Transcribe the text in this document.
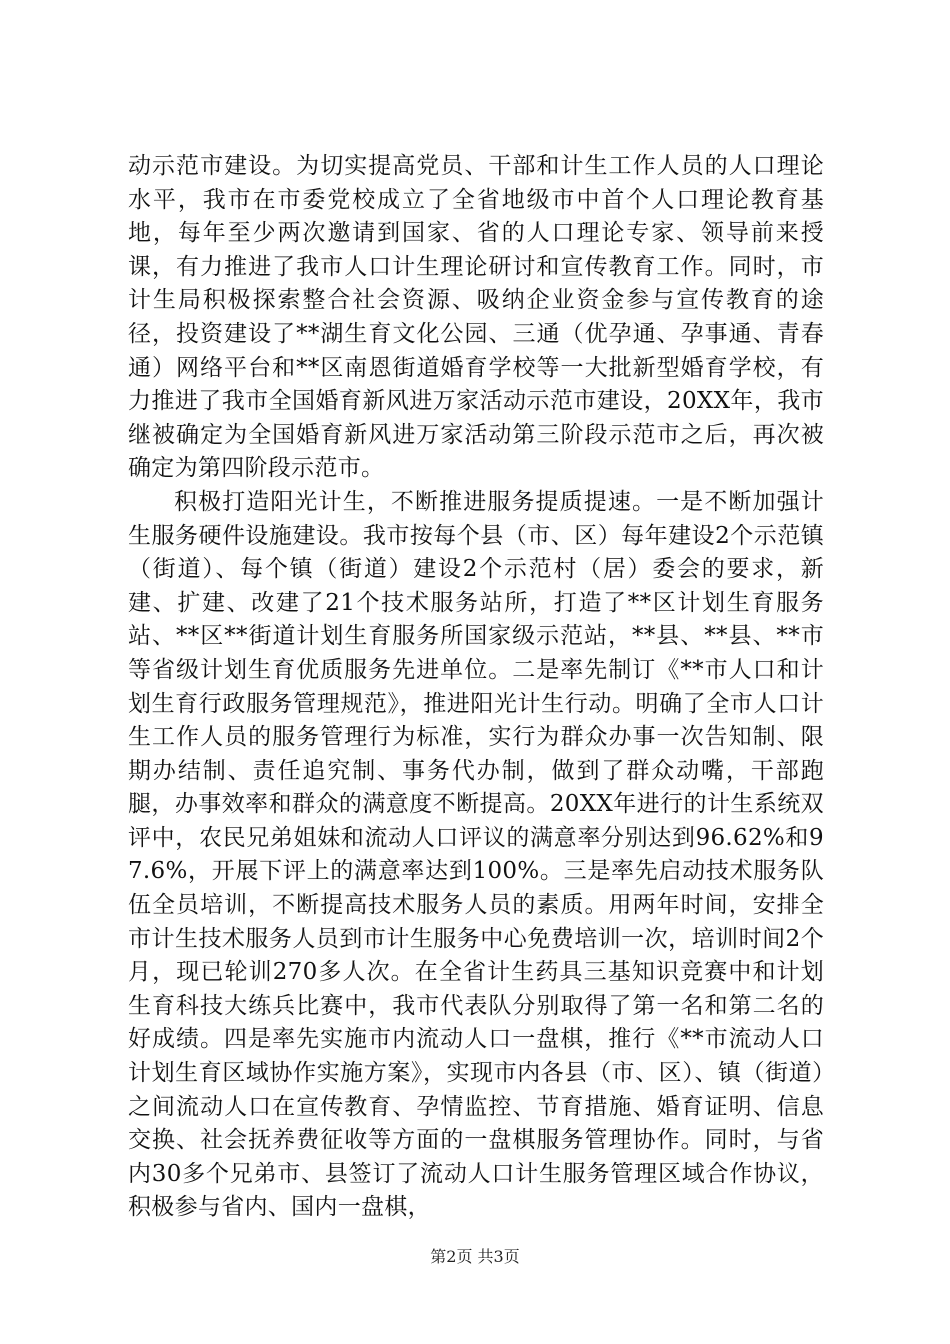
动示范市建设。为切实提高党员、干部和计生工作人员的人口理论水平，我市在市委党校成立了全省地级市中首个人口理论教育基地，每年至少两次邀请到国家、省的人口理论专家、领导前来授课，有力推进了我市人口计生理论研讨和宣传教育工作。同时，市计生局积极探索整合社会资源、吸纳企业资金参与宣传教育的途径，投资建设了**湖生育文化公园、三通（优孕通、孕事通、青春通）网络平台和**区南恩街道婚育学校等一大批新型婚育学校，有力推进了我市全国婚育新风进万家活动示范市建设，20XX年，我市继被确定为全国婚育新风进万家活动第三阶段示范市之后，再次被确定为第四阶段示范市。

积极打造阳光计生，不断推进服务提质提速。一是不断加强计生服务硬件设施建设。我市按每个县（市、区）每年建设2个示范镇（街道）、每个镇（街道）建设2个示范村（居）委会的要求，新建、扩建、改建了21个技术服务站所，打造了**区计划生育服务站、**区**街道计划生育服务所国家级示范站，**县、**县、**市等省级计划生育优质服务先进单位。二是率先制订《**市人口和计划生育行政服务管理规范》，推进阳光计生行动。明确了全市人口计生工作人员的服务管理行为标准，实行为群众办事一次告知制、限期办结制、责任追究制、事务代办制，做到了群众动嘴，干部跑腿，办事效率和群众的满意度不断提高。20XX年进行的计生系统双评中，农民兄弟姐妹和流动人口评议的满意率分别达到96.62%和97.6%，开展下评上的满意率达到100%。三是率先启动技术服务队伍全员培训，不断提高技术服务人员的素质。用两年时间，安排全市计生技术服务人员到市计生服务中心免费培训一次，培训时间2个月，现已轮训270多人次。在全省计生药具三基知识竞赛中和计划生育科技大练兵比赛中，我市代表队分别取得了第一名和第二名的好成绩。四是率先实施市内流动人口一盘棋，推行《**市流动人口计划生育区域协作实施方案》，实现市内各县（市、区）、镇（街道）之间流动人口在宣传教育、孕情监控、节育措施、婚育证明、信息交换、社会抚养费征收等方面的一盘棋服务管理协作。同时，与省内30多个兄弟市、县签订了流动人口计生服务管理区域合作协议，积极参与省内、国内一盘棋，

第2页 共3页
